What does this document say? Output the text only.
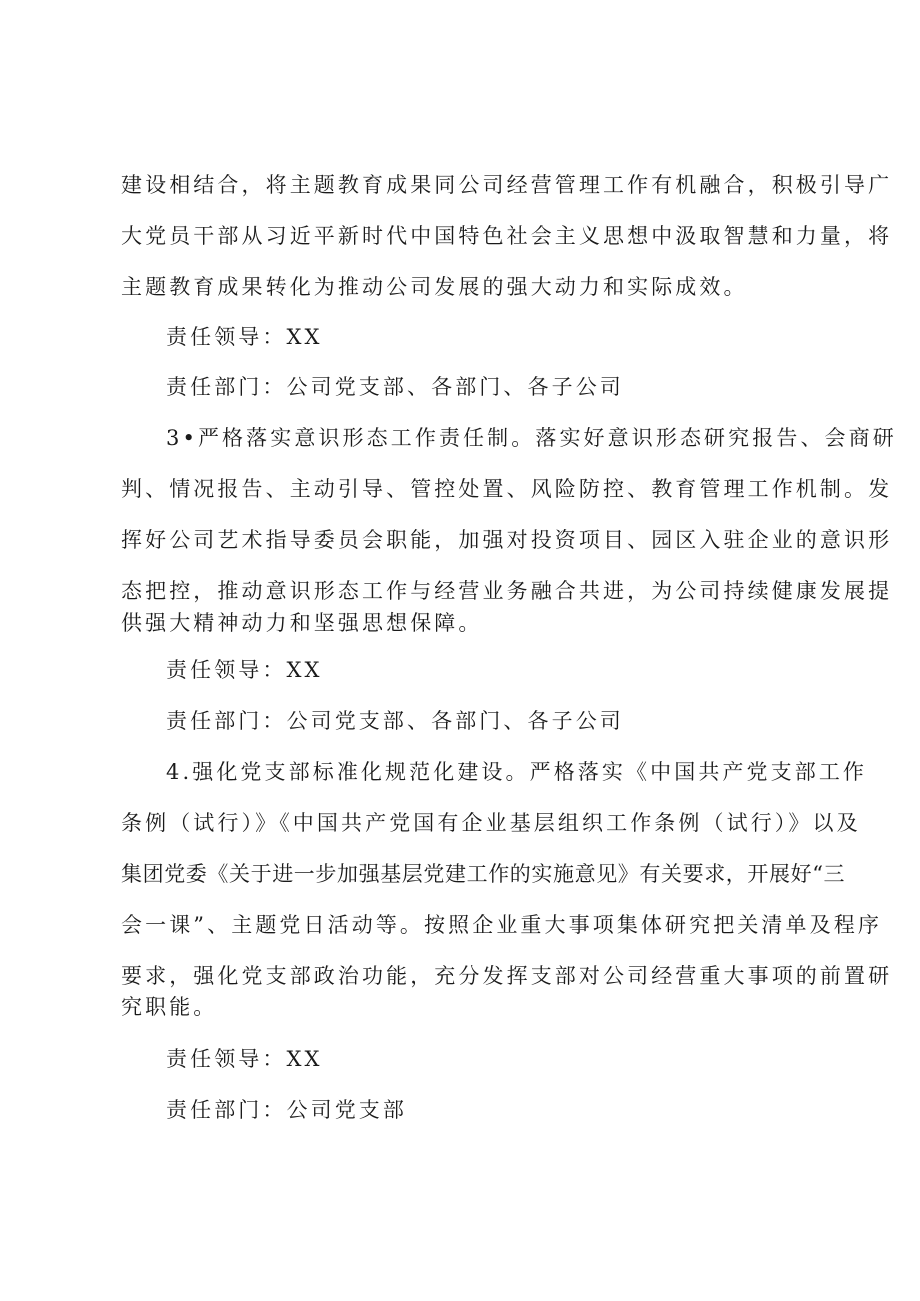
建设相结合，将主题教育成果同公司经营管理工作有机融合，积极引导广
大党员干部从习近平新时代中国特色社会主义思想中汲取智慧和力量，将
主题教育成果转化为推动公司发展的强大动力和实际成效。
责任领导：XX
责任部门：公司党支部、各部门、各子公司
3•严格落实意识形态工作责任制。落实好意识形态研究报告、会商研
判、情况报告、主动引导、管控处置、风险防控、教育管理工作机制。发
挥好公司艺术指导委员会职能，加强对投资项目、园区入驻企业的意识形
态把控，推动意识形态工作与经营业务融合共进，为公司持续健康发展提
供强大精神动力和坚强思想保障。
责任领导：XX
责任部门：公司党支部、各部门、各子公司
4.强化党支部标准化规范化建设。严格落实《中国共产党支部工作
条例（试行）》《中国共产党国有企业基层组织工作条例（试行）》以及
集团党委《关于进一步加强基层党建工作的实施意见》有关要求，开展好“三
会一课”、主题党日活动等。按照企业重大事项集体研究把关清单及程序
要求，强化党支部政治功能，充分发挥支部对公司经营重大事项的前置研
究职能。
责任领导：XX
责任部门：公司党支部
